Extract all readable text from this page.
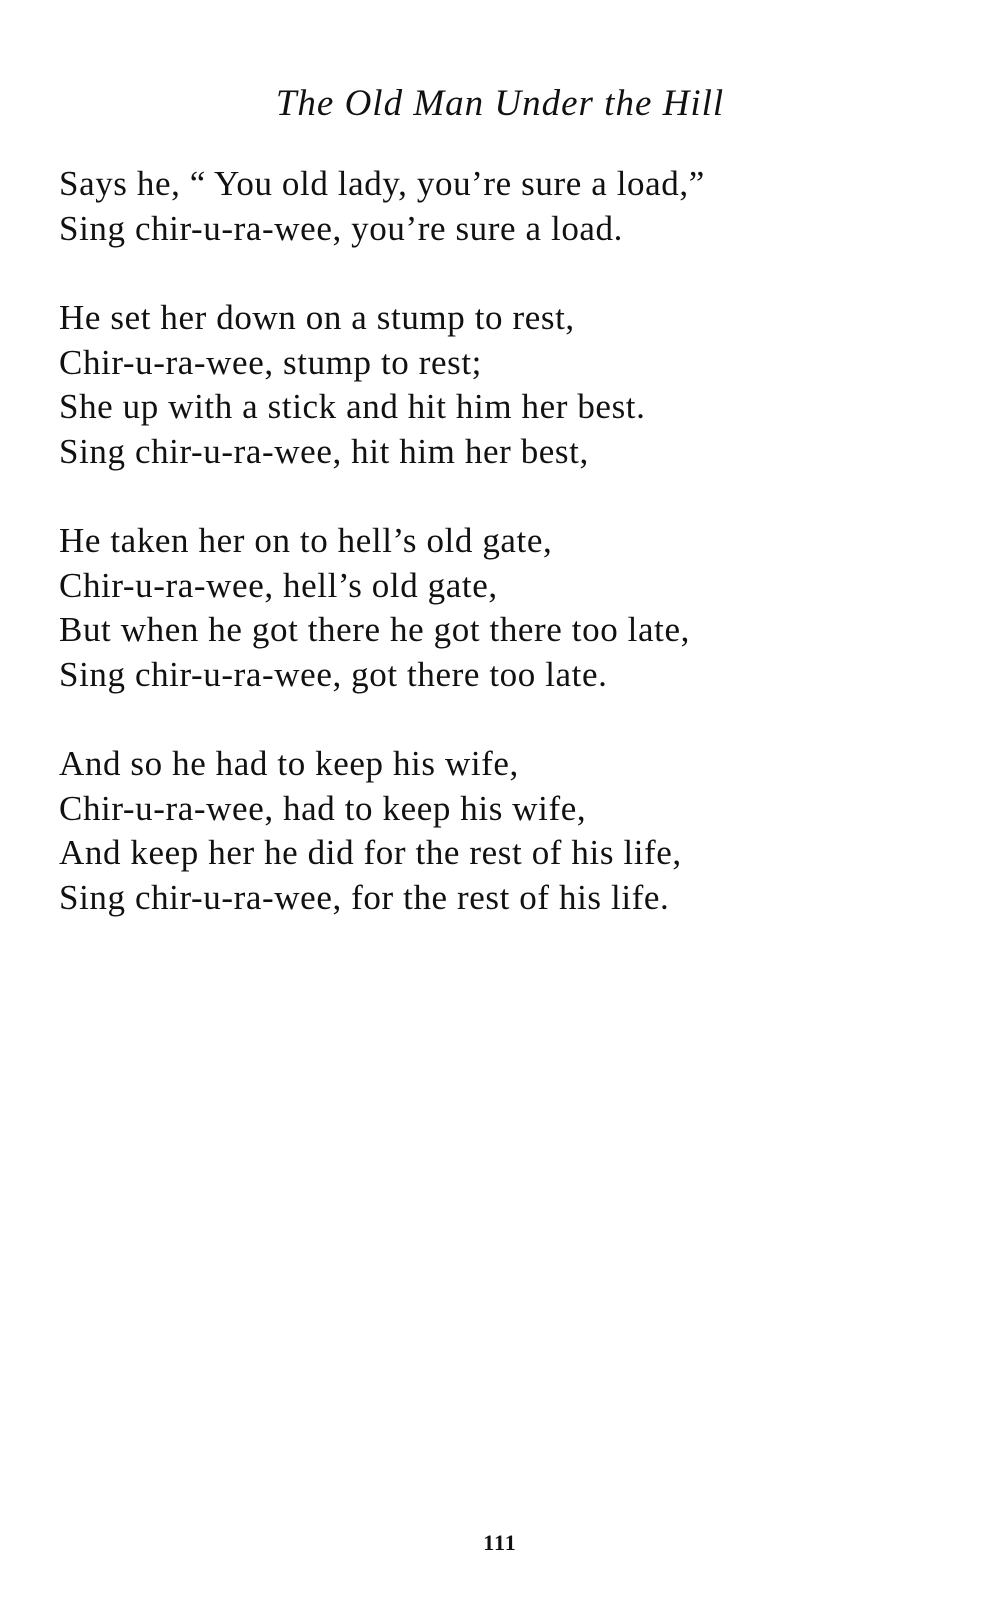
The Old Man Under the Hill
Says he, “ You old lady, you’re sure a load,”
Sing chir-u-ra-wee, you’re sure a load.
He set her down on a stump to rest,
Chir-u-ra-wee, stump to rest;
She up with a stick and hit him her best.
Sing chir-u-ra-wee, hit him her best,
He taken her on to hell’s old gate,
Chir-u-ra-wee, hell’s old gate,
But when he got there he got there too late,
Sing chir-u-ra-wee, got there too late.
And so he had to keep his wife,
Chir-u-ra-wee, had to keep his wife,
And keep her he did for the rest of his life,
Sing chir-u-ra-wee, for the rest of his life.
111
